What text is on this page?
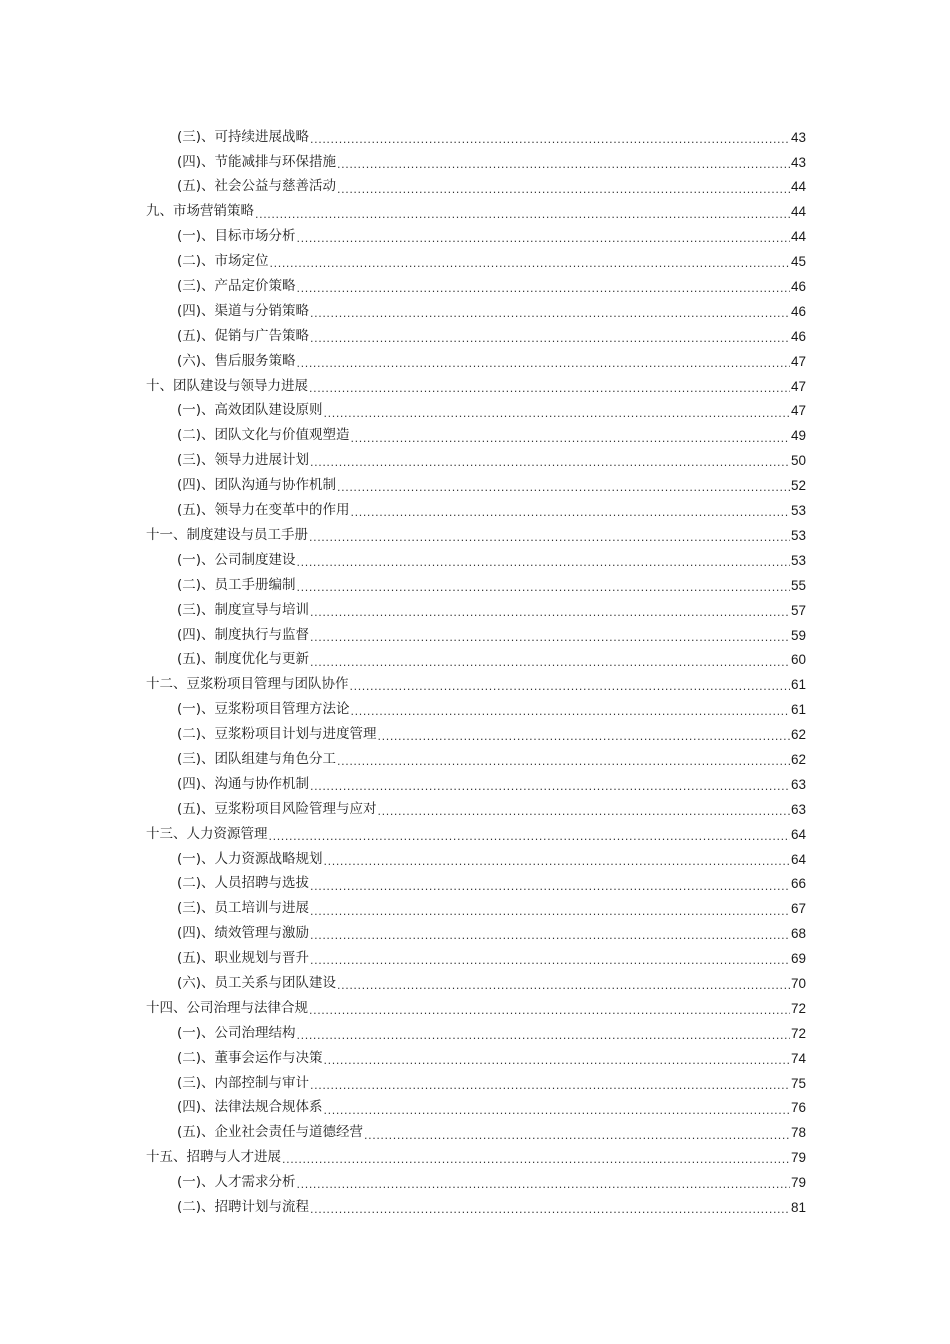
(三)、可持续进展战略 .....	43
(四)、节能减排与环保措施 .....	43
(五)、社会公益与慈善活动 .....	44
九、市场营销策略 .....	44
(一)、目标市场分析 .....	44
(二)、市场定位 .....	45
(三)、产品定价策略 .....	46
(四)、渠道与分销策略 .....	46
(五)、促销与广告策略 .....	46
(六)、售后服务策略 .....	47
十、团队建设与领导力进展 .....	47
(一)、高效团队建设原则 .....	47
(二)、团队文化与价值观塑造 .....	49
(三)、领导力进展计划 .....	50
(四)、团队沟通与协作机制 .....	52
(五)、领导力在变革中的作用 .....	53
十一、制度建设与员工手册 .....	53
(一)、公司制度建设 .....	53
(二)、员工手册编制 .....	55
(三)、制度宣导与培训 .....	57
(四)、制度执行与监督 .....	59
(五)、制度优化与更新 .....	60
十二、豆浆粉项目管理与团队协作 .....	61
(一)、豆浆粉项目管理方法论 .....	61
(二)、豆浆粉项目计划与进度管理 .....	62
(三)、团队组建与角色分工 .....	62
(四)、沟通与协作机制 .....	63
(五)、豆浆粉项目风险管理与应对 .....	63
十三、人力资源管理 .....	64
(一)、人力资源战略规划 .....	64
(二)、人员招聘与选拔 .....	66
(三)、员工培训与进展 .....	67
(四)、绩效管理与激励 .....	68
(五)、职业规划与晋升 .....	69
(六)、员工关系与团队建设 .....	70
十四、公司治理与法律合规 .....	72
(一)、公司治理结构 .....	72
(二)、董事会运作与决策 .....	74
(三)、内部控制与审计 .....	75
(四)、法律法规合规体系 .....	76
(五)、企业社会责任与道德经营 .....	78
十五、招聘与人才进展 .....	79
(一)、人才需求分析 .....	79
(二)、招聘计划与流程 .....	81
